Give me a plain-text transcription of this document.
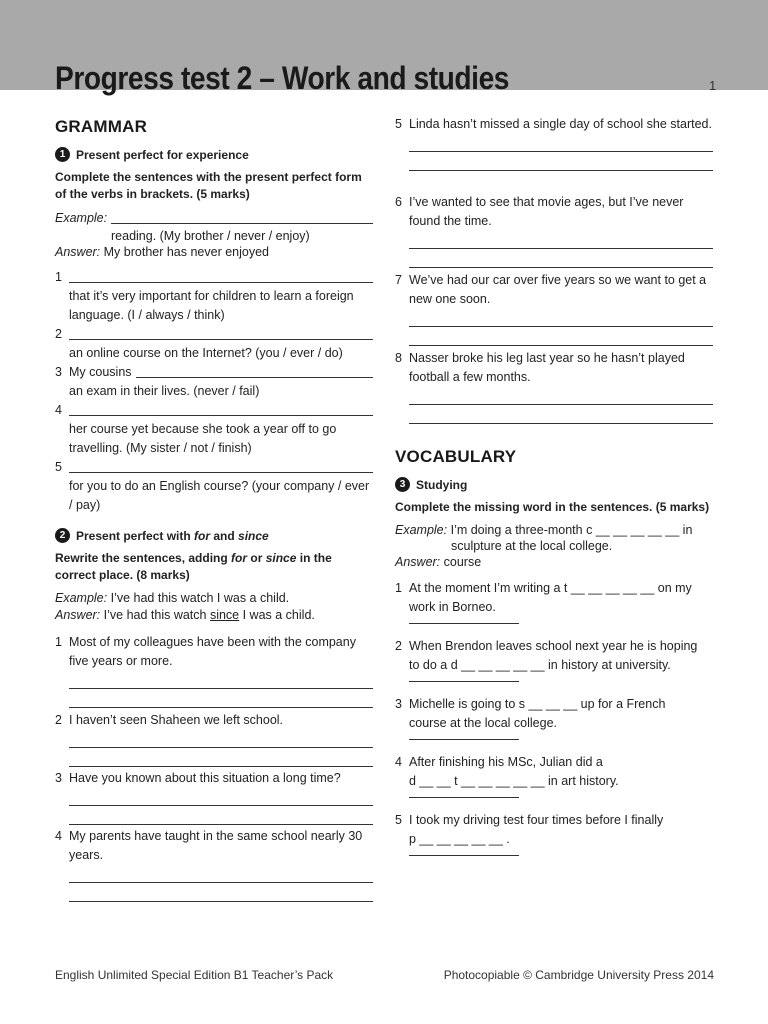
Progress test 2 – Work and studies	1
GRAMMAR
1 Present perfect for experience

Complete the sentences with the present perfect form of the verbs in brackets. (5 marks)

Example:
reading. (My brother / never / enjoy)
Answer: My brother has never enjoyed
1
that it’s very important for children to learn a foreign language. (I / always / think)
2
an online course on the Internet? (you / ever / do)
3 My cousins
an exam in their lives. (never / fail)
4
her course yet because she took a year off to go travelling. (My sister / not / finish)
5
for you to do an English course? (your company / ever / pay)
2 Present perfect with for and since

Rewrite the sentences, adding for or since in the correct place. (8 marks)

Example: I’ve had this watch I was a child.
Answer: I’ve had this watch since I was a child.
1 Most of my colleagues have been with the company five years or more.
2 I haven’t seen Shaheen we left school.
3 Have you known about this situation a long time?
4 My parents have taught in the same school nearly 30 years.
5 Linda hasn’t missed a single day of school she started.
6 I’ve wanted to see that movie ages, but I’ve never found the time.
7 We’ve had our car over five years so we want to get a new one soon.
8 Nasser broke his leg last year so he hasn’t played football a few months.
VOCABULARY
3 Studying

Complete the missing word in the sentences. (5 marks)

Example: I’m doing a three-month c __ __ __ __ __ in
sculpture at the local college.
Answer: course
1 At the moment I’m writing a t __ __ __ __ __ on my
work in Borneo.
2 When Brendon leaves school next year he is hoping
to do a d __ __ __ __ __ in history at university.
3 Michelle is going to s __ __ __ up for a French
course at the local college.
4 After finishing his MSc, Julian did a
d __ __ t __ __ __ __ __ in art history.
5 I took my driving test four times before I finally
p __ __ __ __ __ .
English Unlimited Special Edition B1 Teacher’s Pack	Photocopiable © Cambridge University Press 2014
